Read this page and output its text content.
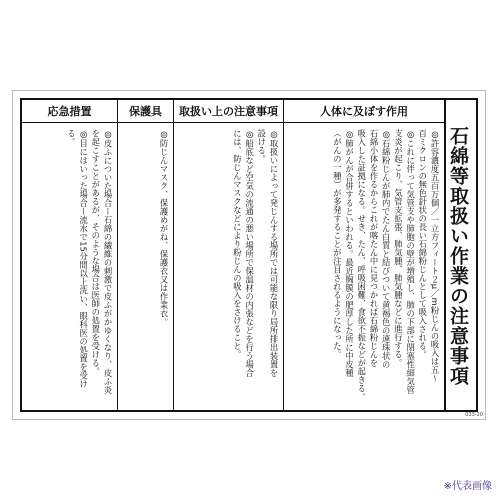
応急措置
◎皮ふについた場合ー石綿の繊維の刺激で皮ふがかゆくなり、皮ふ炎
を起こすことがあるが、そのような場合は医師の処置を受ける。
◎目にはいった場合ー流水で15分間以上洗い、眼科医の処置を受ける。
保護具
◎防じんマスク、保護めがね、保護衣又は作業衣。
取扱い上の注意事項
◎取扱いによって発じんする場所では可能な限り局所排出装置を
設ける。
◎船底など空気の流通の悪い場所で保温材の内張などを行う場合
には、防じんマスクなどにより粉じんの吸入をさけること。
人体に及ぼす作用
◎許容濃度五百万個／一立方フィート２μ／m粉じんの吸入は五〜
百ミクロンの無色針状の長い石綿粉じんとして吸入される。
◎これに伴って気管支や肺胞の壁が増殖し、肺の下部に閉塞性細気管
支炎が起こり、気管支拡張、肺気腫、肺気腫などに進行する。
◎石綿粉じんが肺内でたん白質と結びついて黄褐色の連珠状の
石綿小体を作るからこれが喀たん中に見つかれば石綿粉じんを
吸入した証拠になる。せき、たん、呼吸困難、食欲不振などが起きる。
◎肺がんが合併するといわれる。最近胸膜の肥厚した所に中皮種
（がんの一種）が多発することが注目されるようになった。	石綿等取扱い作業の注意事項
033-20
※代表画像
